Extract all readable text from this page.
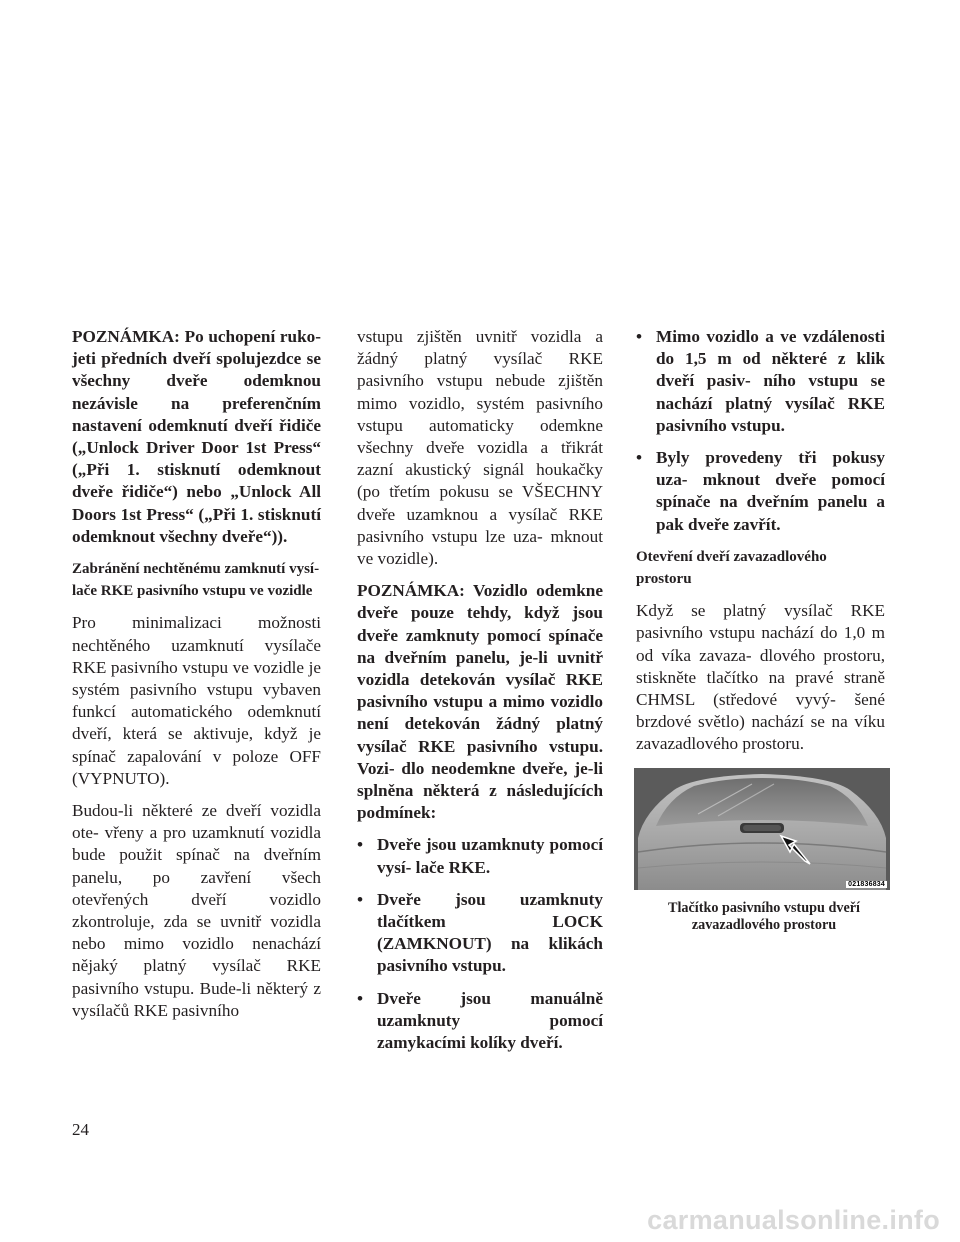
POZNÁMKA: Po uchopení ruko- jeti předních dveří spolujezdce se všechny dveře odemknou nezávisle na preferenčním nastavení odemknutí dveří řidiče („Unlock Driver Door 1st Press“ („Při 1. stisknutí odemknout dveře řidiče“) nebo „Unlock All Doors 1st Press“ („Při 1. stisknutí odemknout všechny dveře“)).

Zabránění nechtěnému zamknutí vysí- lače RKE pasivního vstupu ve vozidle

Pro minimalizaci možnosti nechtěného uzamknutí vysílače RKE pasivního vstupu ve vozidle je systém pasivního vstupu vybaven funkcí automatického odemknutí dveří, která se aktivuje, když je spínač zapalování v poloze OFF (VYPNUTO).

Budou-li některé ze dveří vozidla ote- vřeny a pro uzamknutí vozidla bude použit spínač na dveřním panelu, po zavření všech otevřených dveří vozidlo zkontroluje, zda se uvnitř vozidla nebo mimo vozidlo nenachází nějaký platný vysílač RKE pasivního vstupu. Bude-li některý z vysílačů RKE pasivního

vstupu zjištěn uvnitř vozidla a žádný platný vysílač RKE pasivního vstupu nebude zjištěn mimo vozidlo, systém pasivního vstupu automaticky odemkne všechny dveře vozidla a třikrát zazní akustický signál houkačky (po třetím pokusu se VŠECHNY dveře uzamknou a vysílač RKE pasivního vstupu lze uza- mknout ve vozidle).

POZNÁMKA: Vozidlo odemkne dveře pouze tehdy, když jsou dveře zamknuty pomocí spínače na dveřním panelu, je-li uvnitř vozidla detekován vysílač RKE pasivního vstupu a mimo vozidlo není detekován žádný platný vysílač RKE pasivního vstupu. Vozi- dlo neodemkne dveře, je-li splněna některá z následujících podmínek:

• Dveře jsou uzamknuty pomocí vysí- lače RKE.
• Dveře jsou uzamknuty tlačítkem LOCK (ZAMKNOUT) na klikách pasivního vstupu.
• Dveře jsou manuálně uzamknuty pomocí zamykacími kolíky dveří.
• Mimo vozidlo a ve vzdálenosti do 1,5 m od některé z klik dveří pasiv- ního vstupu se nachází platný vysílač RKE pasivního vstupu.
• Byly provedeny tři pokusy uza- mknout dveře pomocí spínače na dveřním panelu a pak dveře zavřít.

Otevření dveří zavazadlového prostoru

Když se platný vysílač RKE pasivního vstupu nachází do 1,0 m od víka zavaza- dlového prostoru, stiskněte tlačítko na pravé straně CHMSL (středové vyvý- šené brzdové světlo) nachází se na víku zavazadlového prostoru.

021836834
Tlačítko pasivního vstupu dveří zavazadlového prostoru
24
carmanualsonline.info
